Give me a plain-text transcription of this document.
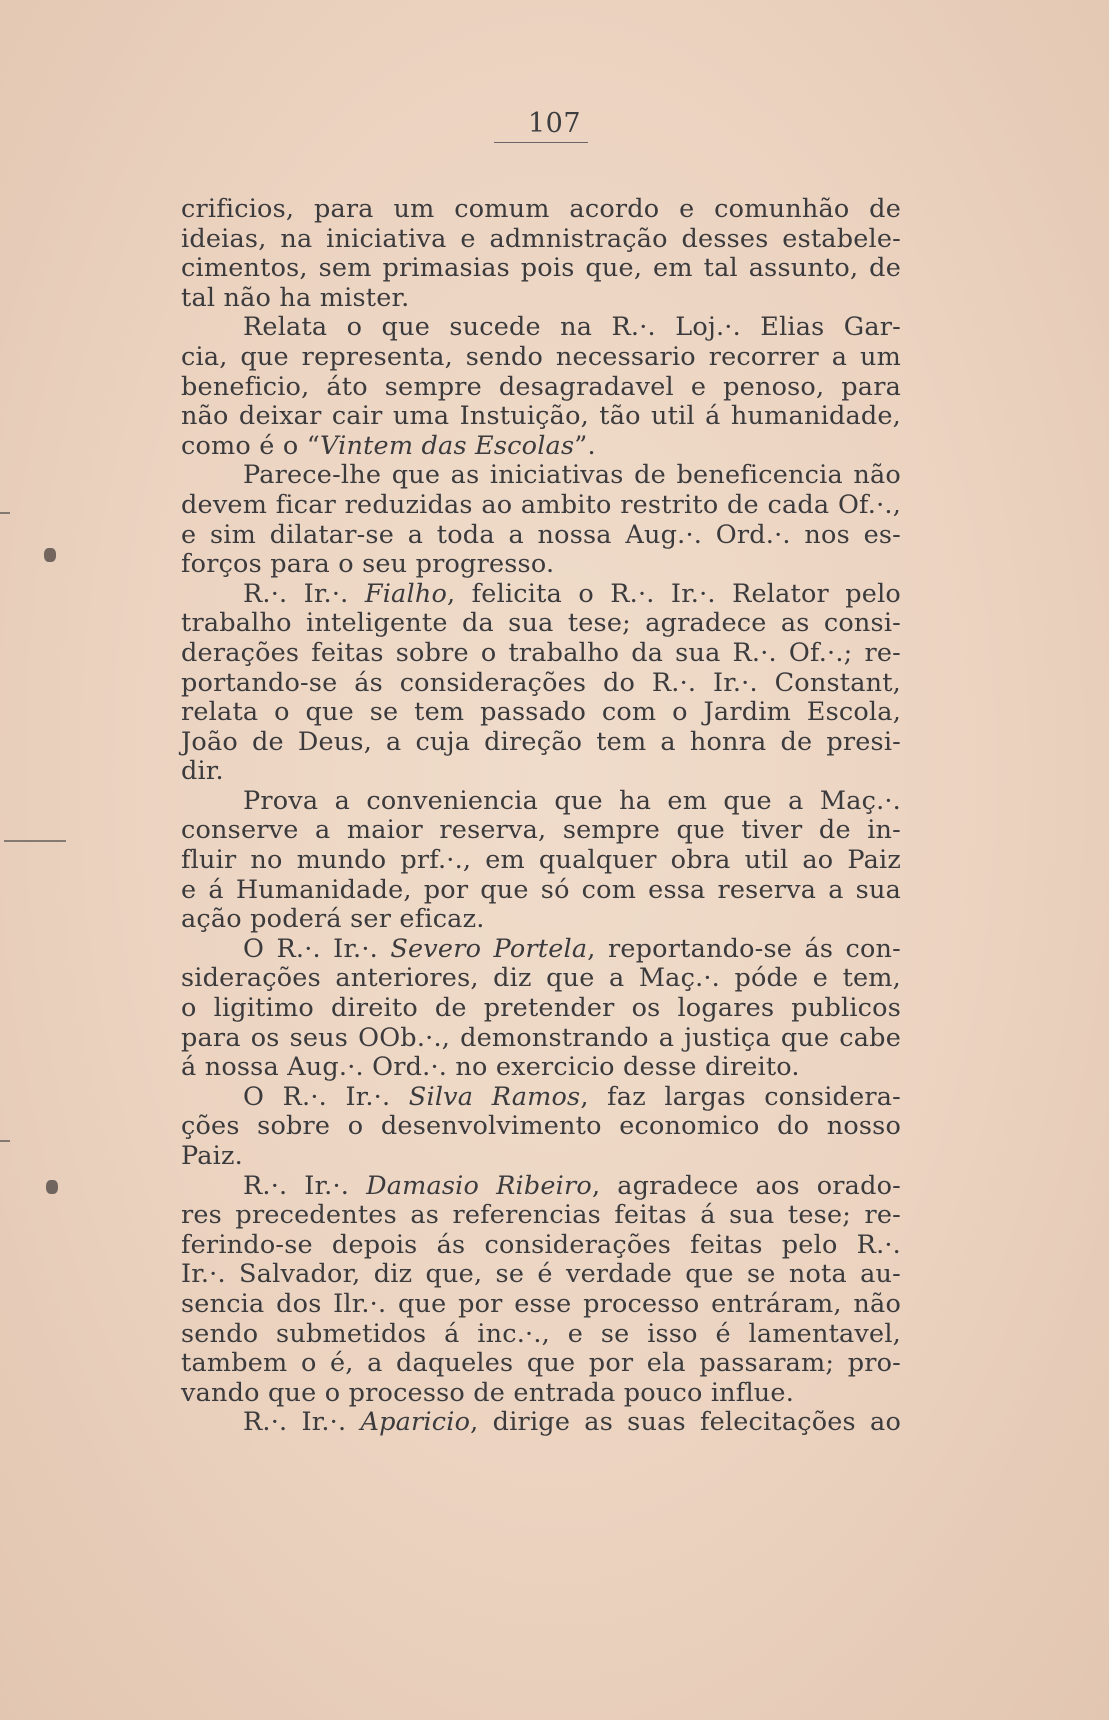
107
crificios, para um comum acordo e comunhão de
ideias, na iniciativa e admnistração desses estabele-
cimentos, sem primasias pois que, em tal assunto, de
tal não ha mister.
Relata o que sucede na R.·. Loj.·. Elias Gar-
cia, que representa, sendo necessario recorrer a um
beneficio, áto sempre desagradavel e penoso, para
não deixar cair uma Instuição, tão util á humanidade,
como é o “Vintem das Escolas”.
Parece-lhe que as iniciativas de beneficencia não
devem ficar reduzidas ao ambito restrito de cada Of.·.,
e sim dilatar-se a toda a nossa Aug.·. Ord.·. nos es-
forços para o seu progresso.
R.·. Ir.·. Fialho, felicita o R.·. Ir.·. Relator pelo
trabalho inteligente da sua tese; agradece as consi-
derações feitas sobre o trabalho da sua R.·. Of.·.; re-
portando-se ás considerações do R.·. Ir.·. Constant,
relata o que se tem passado com o Jardim Escola,
João de Deus, a cuja direção tem a honra de presi-
dir.
Prova a conveniencia que ha em que a Maç.·.
conserve a maior reserva, sempre que tiver de in-
fluir no mundo prf.·., em qualquer obra util ao Paiz
e á Humanidade, por que só com essa reserva a sua
ação poderá ser eficaz.
O R.·. Ir.·. Severo Portela, reportando-se ás con-
siderações anteriores, diz que a Maç.·. póde e tem,
o ligitimo direito de pretender os logares publicos
para os seus OOb.·., demonstrando a justiça que cabe
á nossa Aug.·. Ord.·. no exercicio desse direito.
O R.·. Ir.·. Silva Ramos, faz largas considera-
ções sobre o desenvolvimento economico do nosso
Paiz.
R.·. Ir.·. Damasio Ribeiro, agradece aos orado-
res precedentes as referencias feitas á sua tese; re-
ferindo-se depois ás considerações feitas pelo R.·.
Ir.·. Salvador, diz que, se é verdade que se nota au-
sencia dos Ilr.·. que por esse processo entráram, não
sendo submetidos á inc.·., e se isso é lamentavel,
tambem o é, a daqueles que por ela passaram; pro-
vando que o processo de entrada pouco influe.
R.·. Ir.·. Aparicio, dirige as suas felecitações ao
